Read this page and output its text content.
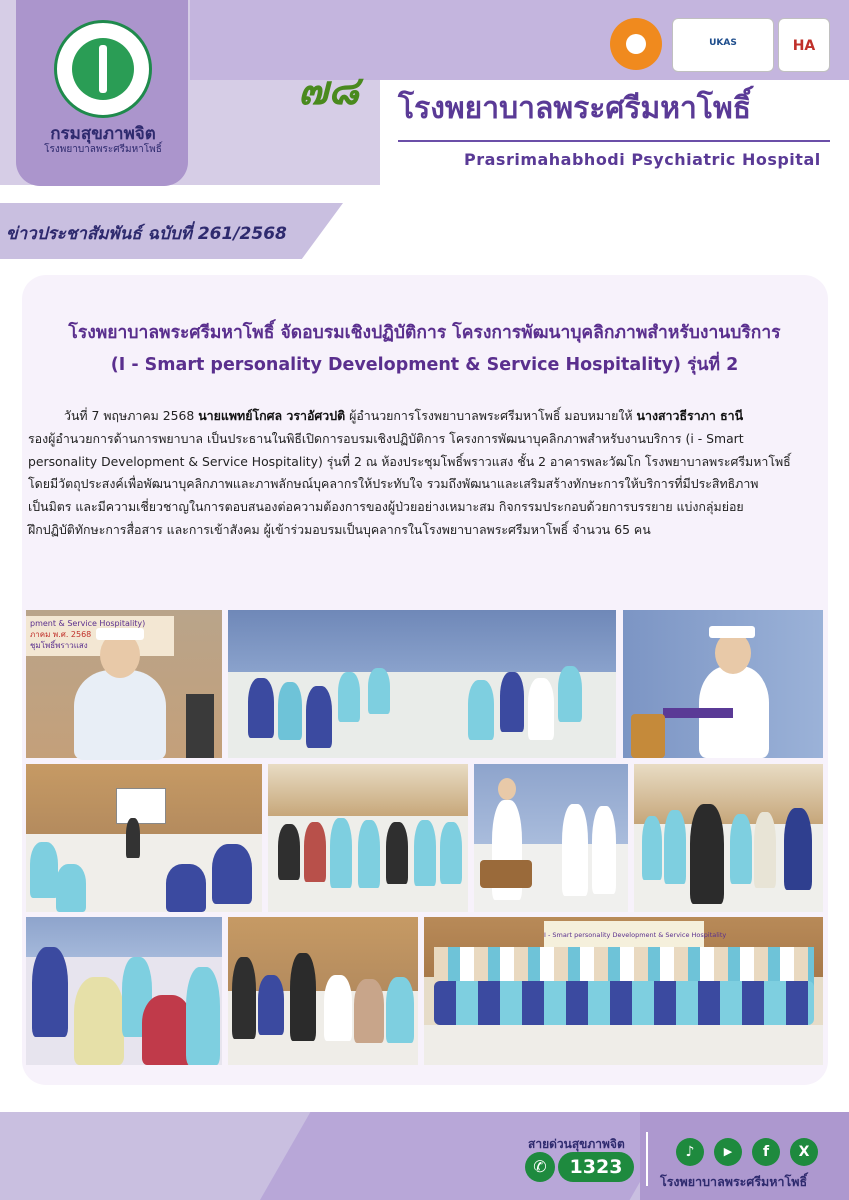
กรมสุขภาพจิต
โรงพยาบาลพระศรีมหาโพธิ์
๗๘ โรงพยาบาลพระศรีมหาโพธิ์
Prasrimahabhodi Psychiatric Hospital
UKAS	HA
ข่าวประชาสัมพันธ์ ฉบับที่ 261/2568
โรงพยาบาลพระศรีมหาโพธิ์ จัดอบรมเชิงปฏิบัติการ โครงการพัฒนาบุคลิกภาพสำหรับงานบริการ
(I - Smart personality Development & Service Hospitality) รุ่นที่ 2
วันที่ 7 พฤษภาคม 2568 นายแพทย์โกศล วราอัศวปติ ผู้อำนวยการโรงพยาบาลพระศรีมหาโพธิ์ มอบหมายให้ นางสาวธีราภา ธานี
รองผู้อำนวยการด้านการพยาบาล เป็นประธานในพิธีเปิดการอบรมเชิงปฏิบัติการ โครงการพัฒนาบุคลิกภาพสำหรับงานบริการ (i - Smart
personality Development & Service Hospitality) รุ่นที่ 2 ณ ห้องประชุมโพธิ์พราวแสง ชั้น 2 อาคารพละวัฒโก โรงพยาบาลพระศรีมหาโพธิ์
โดยมีวัตถุประสงค์เพื่อพัฒนาบุคลิกภาพและภาพลักษณ์บุคลากรให้ประทับใจ รวมถึงพัฒนาและเสริมสร้างทักษะการให้บริการที่มีประสิทธิภาพ
เป็นมิตร และมีความเชี่ยวชาญในการตอบสนองต่อความต้องการของผู้ป่วยอย่างเหมาะสม กิจกรรมประกอบด้วยการบรรยาย แบ่งกลุ่มย่อย
ฝึกปฏิบัติทักษะการสื่อสาร และการเข้าสังคม ผู้เข้าร่วมอบรมเป็นบุคลากรในโรงพยาบาลพระศรีมหาโพธิ์ จำนวน 65 คน
pment & Service Hospitality)
ภาคม พ.ศ. 2568
ชุมโพธิ์พราวแสง
I - Smart personality Development & Service Hospitality
สายด่วนสุขภาพจิต
✆	1323
♪	▶	f	X
โรงพยาบาลพระศรีมหาโพธิ์
